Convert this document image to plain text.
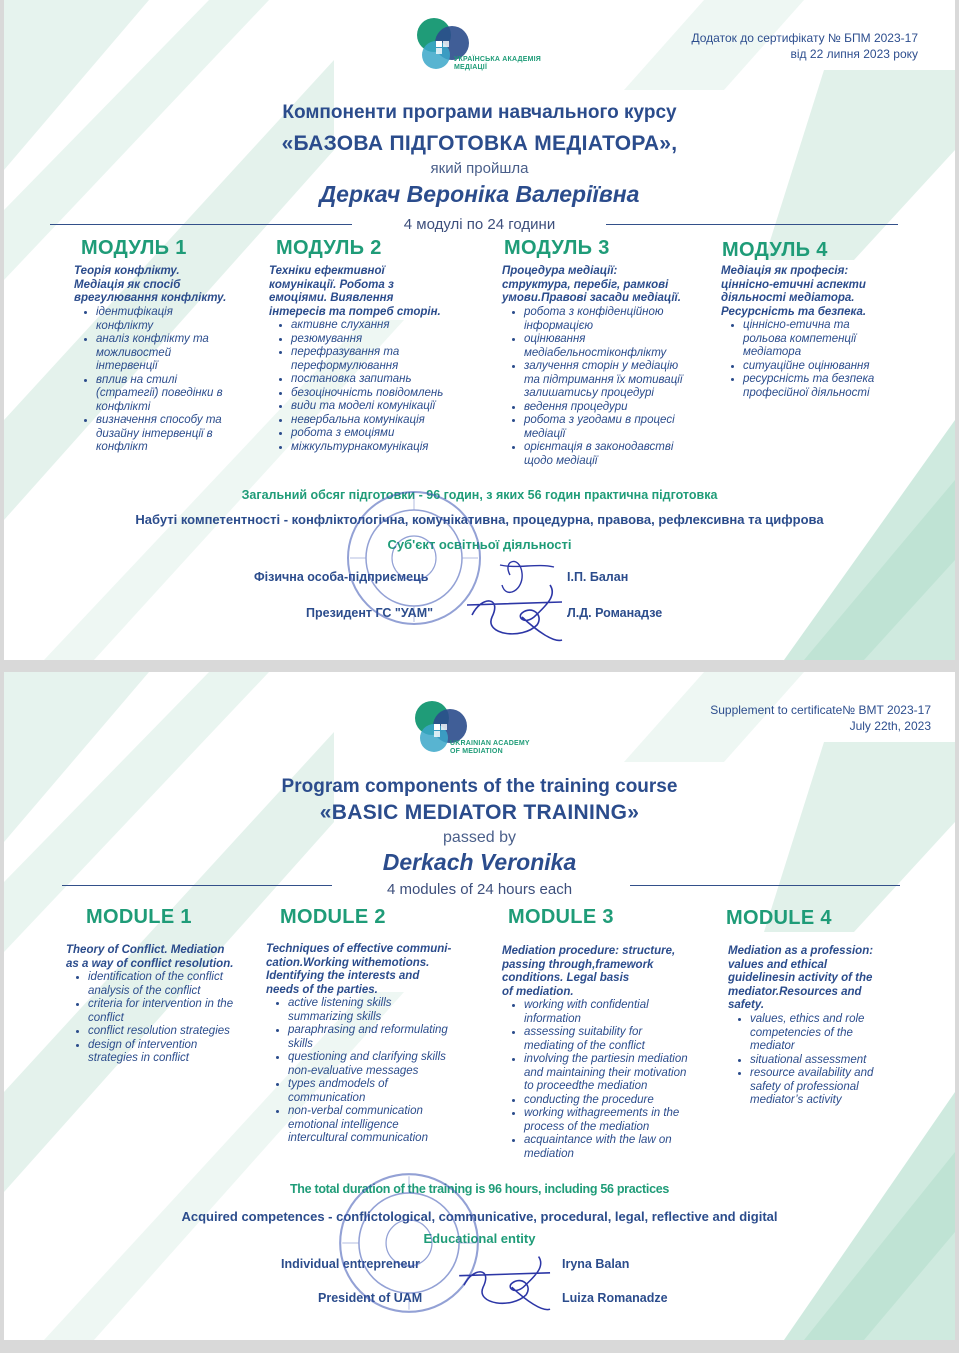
УКРАЇНСЬКА АКАДЕМІЯ
МЕДІАЦІЇ
Додаток до сертифікату № БПМ 2023-17
від 22 липня 2023 року
Компоненти програми навчального курсу
«БАЗОВА ПІДГОТОВКА МЕДІАТОРА»,
який пройшла
Деркач Вероніка Валеріївна
4 модулі по 24 години
МОДУЛЬ 1
Теорія конфлікту.
Медіація як спосіб
врегулювання конфлікту.
• ідентифікація
конфлікту
• аналіз конфлікту та
можливостей
інтервенції
• вплив на стилі
(стратегії) поведінки в
конфлікті
• визначення способу та
дизайну інтервенції в
конфлікт
МОДУЛЬ 2
Техніки ефективної
комунікації. Робота з
емоціями. Виявлення
інтересів та потреб сторін.
• активне слухання
• резюмування
• перефразування та
переформулювання
• постановка запитань
• безоціночність повідомлень
• види та моделі комунікації
• невербальна комунікація
• робота з емоціями
• міжкультурнакомунікація
МОДУЛЬ 3
Процедура медіації:
структура, перебіг, рамкові
умови.Правові засади медіації.
• робота з конфіденційною
інформацією
• оцінювання
медіабельностіконфлікту
• залучення сторін у медіацію
та підтримання їх мотивації
залишатисьу процедурі
• ведення процедури
• робота з угодами в процесі
медіації
• орієнтація в законодавстві
щодо медіації
МОДУЛЬ 4
Медіація як професія:
ціннісно-етичні аспекти
діяльності медіатора.
Ресурсність та безпека.
• ціннісно-етична та
рольова компетенції
медіатора
• ситуаційне оцінювання
• ресурсність та безпека
професійної діяльності
Загальний обсяг підготовки - 96 годин, з яких 56 годин практична підготовка
Набуті компетентності - конфліктологічна, комунікативна, процедурна, правова, рефлексивна та цифрова
Суб'єкт освітньої діяльності
Фізична особа-підприємець	І.П. Балан
Президент ГС "УАМ"	Л.Д. Романадзе
UKRAINIAN ACADEMY
OF MEDIATION
Supplement to certificate№ BMT 2023-17
July 22th, 2023
Program components of the training course
«BASIC MEDIATOR TRAINING»
passed by
Derkach Veronika
4 modules of 24 hours each
MODULE 1
Theory of Conflict. Mediation
as a way of conflict resolution.
• identification of the conflict
analysis of the conflict
• criteria for intervention in the
conflict
• conflict resolution strategies
• design of intervention
strategies in conflict
MODULE 2
Techniques of effective communi-
cation.Working withemotions.
Identifying the interests and
needs of the parties.
• active listening skills
summarizing skills
• paraphrasing and reformulating
skills
• questioning and clarifying skills
non-evaluative messages
• types andmodels of
communication
• non-verbal communication
emotional intelligence
intercultural communication
MODULE 3
Mediation procedure: structure,
passing through,framework
conditions. Legal basis
of mediation.
• working with confidential
information
• assessing suitability for
mediating of the conflict
• involving the partiesin mediation
and maintaining their motivation
to proceedthe mediation
• conducting the procedure
• working withagreements in the
process of the mediation
• acquaintance with the law on
mediation
MODULE 4
Mediation as a profession:
values and ethical
guidelinesin activity of the
mediator.Resources and
safety.
• values, ethics and role
competencies of the
mediator
• situational assessment
• resource availability and
safety of professional
mediator’s activity
The total duration of the training is 96 hours, including 56 practices
Acquired competences - conflictological, communicative, procedural, legal, reflective and digital
Educational entity
Individual entrepreneur	Iryna Balan
President of UAM	Luiza Romanadze
